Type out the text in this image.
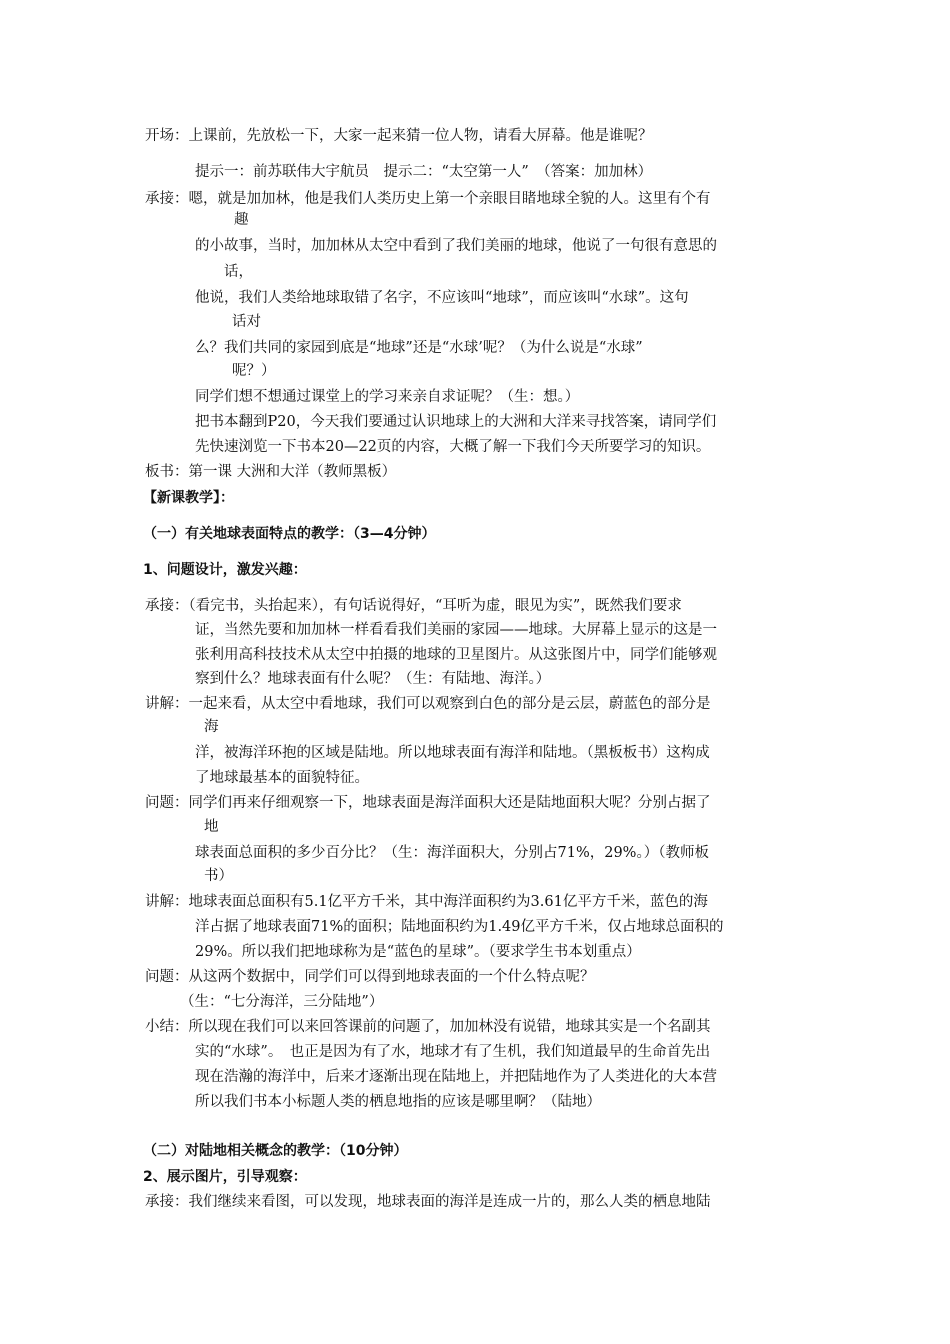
开场：上课前，先放松一下，大家一起来猜一位人物，请看大屏幕。他是谁呢？
提示一：前苏联伟大宇航员　提示二：“太空第一人”　（答案：加加林）
承接：嗯，就是加加林，他是我们人类历史上第一个亲眼目睹地球全貌的人。这里有个有
趣
的小故事，当时，加加林从太空中看到了我们美丽的地球，他说了一句很有意思的
话，
他说，我们人类给地球取错了名字，不应该叫“地球”，而应该叫“水球”。这句
话对
么？我们共同的家园到底是“地球”还是“水球’呢？（为什么说是“水球”
呢？）
同学们想不想通过课堂上的学习来亲自求证呢？（生：想。）
把书本翻到P20，今天我们要通过认识地球上的大洲和大洋来寻找答案，请同学们
先快速浏览一下书本20—22页的内容，大概了解一下我们今天所要学习的知识。
板书：第一课 大洲和大洋（教师黑板）
【新课教学】：
（一）有关地球表面特点的教学：（3—4分钟）
1、问题设计，激发兴趣：
承接：（看完书，头抬起来），有句话说得好，“耳听为虚，眼见为实”，既然我们要求
证，当然先要和加加林一样看看我们美丽的家园——地球。大屏幕上显示的这是一
张利用高科技技术从太空中拍摄的地球的卫星图片。从这张图片中，同学们能够观
察到什么？地球表面有什么呢？（生：有陆地、海洋。）
讲解：一起来看，从太空中看地球，我们可以观察到白色的部分是云层，蔚蓝色的部分是
海
洋，被海洋环抱的区域是陆地。所以地球表面有海洋和陆地。（黑板板书）这构成
了地球最基本的面貌特征。
问题：同学们再来仔细观察一下，地球表面是海洋面积大还是陆地面积大呢？分别占据了
地
球表面总面积的多少百分比？（生：海洋面积大，分别占71%，29%。）（教师板
书）
讲解：地球表面总面积有5.1亿平方千米，其中海洋面积约为3.61亿平方千米，蓝色的海
洋占据了地球表面71%的面积；陆地面积约为1.49亿平方千米，仅占地球总面积的
29%。所以我们把地球称为是“蓝色的星球”。（要求学生书本划重点）
问题：从这两个数据中，同学们可以得到地球表面的一个什么特点呢？
（生：“七分海洋，三分陆地”）
小结：所以现在我们可以来回答课前的问题了，加加林没有说错，地球其实是一个名副其
实的“水球”。　也正是因为有了水，地球才有了生机，我们知道最早的生命首先出
现在浩瀚的海洋中，后来才逐渐出现在陆地上，并把陆地作为了人类进化的大本营
所以我们书本小标题人类的栖息地指的应该是哪里啊？（陆地）
（二）对陆地相关概念的教学：（10分钟）
2、展示图片，引导观察：
承接：我们继续来看图，可以发现，地球表面的海洋是连成一片的，那么人类的栖息地陆
